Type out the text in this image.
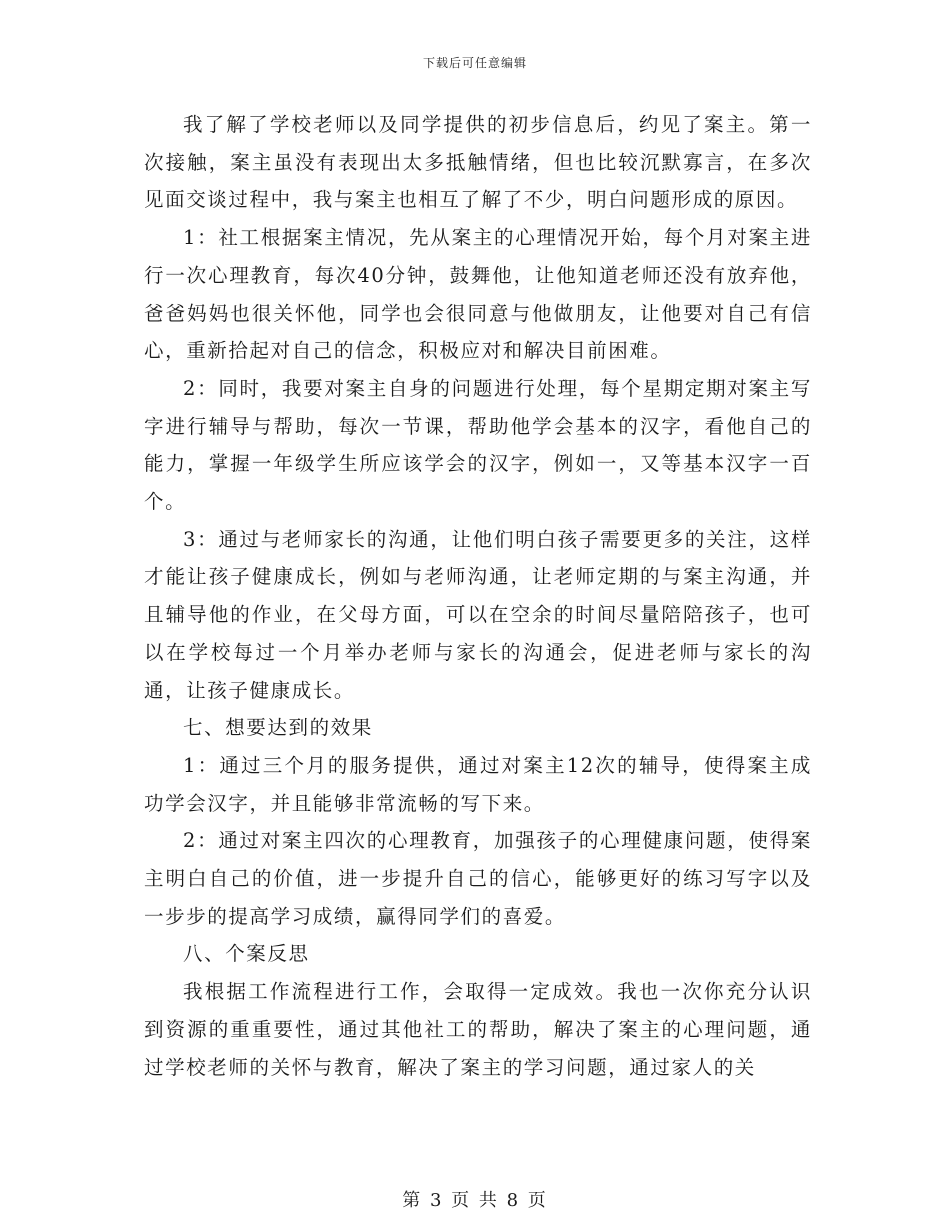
下载后可任意编辑

我了解了学校老师以及同学提供的初步信息后，约见了案主。第一次接触，案主虽没有表现出太多抵触情绪，但也比较沉默寡言，在多次见面交谈过程中，我与案主也相互了解了不少，明白问题形成的原因。

1：社工根据案主情况，先从案主的心理情况开始，每个月对案主进行一次心理教育，每次40分钟，鼓舞他，让他知道老师还没有放弃他，爸爸妈妈也很关怀他，同学也会很同意与他做朋友，让他要对自己有信心，重新拾起对自己的信念，积极应对和解决目前困难。

2：同时，我要对案主自身的问题进行处理，每个星期定期对案主写字进行辅导与帮助，每次一节课，帮助他学会基本的汉字，看他自己的能力，掌握一年级学生所应该学会的汉字，例如一，又等基本汉字一百个。

3：通过与老师家长的沟通，让他们明白孩子需要更多的关注，这样才能让孩子健康成长，例如与老师沟通，让老师定期的与案主沟通，并且辅导他的作业，在父母方面，可以在空余的时间尽量陪陪孩子，也可以在学校每过一个月举办老师与家长的沟通会，促进老师与家长的沟通，让孩子健康成长。

七、想要达到的效果

1：通过三个月的服务提供，通过对案主12次的辅导，使得案主成功学会汉字，并且能够非常流畅的写下来。

2：通过对案主四次的心理教育，加强孩子的心理健康问题，使得案主明白自己的价值，进一步提升自己的信心，能够更好的练习写字以及一步步的提高学习成绩，赢得同学们的喜爱。

八、个案反思

我根据工作流程进行工作，会取得一定成效。我也一次你充分认识到资源的重重要性，通过其他社工的帮助，解决了案主的心理问题，通过学校老师的关怀与教育，解决了案主的学习问题，通过家人的关

第 3 页 共 8 页
